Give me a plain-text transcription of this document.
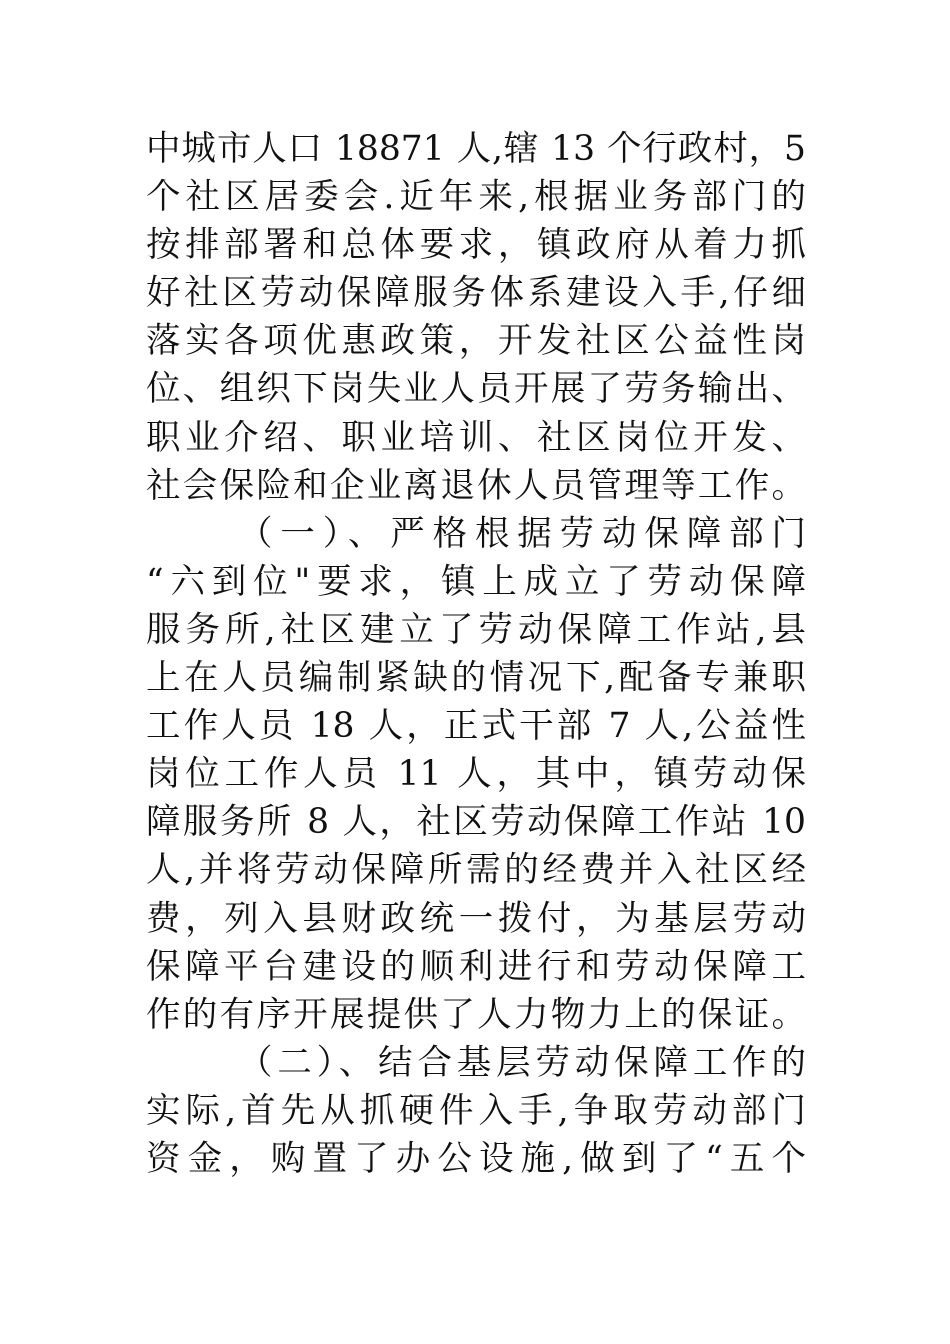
中城市人口 18871 人,辖 13 个行政村，5
个社区居委会.近年来,根据业务部门的
按排部署和总体要求，镇政府从着力抓
好社区劳动保障服务体系建设入手,仔细
落实各项优惠政策，开发社区公益性岗
位、组织下岗失业人员开展了劳务输出、
职业介绍、职业培训、社区岗位开发、
社会保险和企业离退休人员管理等工作。
（一）、严格根据劳动保障部门
“六到位"要求，镇上成立了劳动保障
服务所,社区建立了劳动保障工作站,县
上在人员编制紧缺的情况下,配备专兼职
工作人员 18 人，正式干部 7 人,公益性
岗位工作人员 11 人，其中，镇劳动保
障服务所 8 人，社区劳动保障工作站 10
人,并将劳动保障所需的经费并入社区经
费，列入县财政统一拨付，为基层劳动
保障平台建设的顺利进行和劳动保障工
作的有序开展提供了人力物力上的保证。
（二）、结合基层劳动保障工作的
实际,首先从抓硬件入手,争取劳动部门
资金，购置了办公设施,做到了“五个
